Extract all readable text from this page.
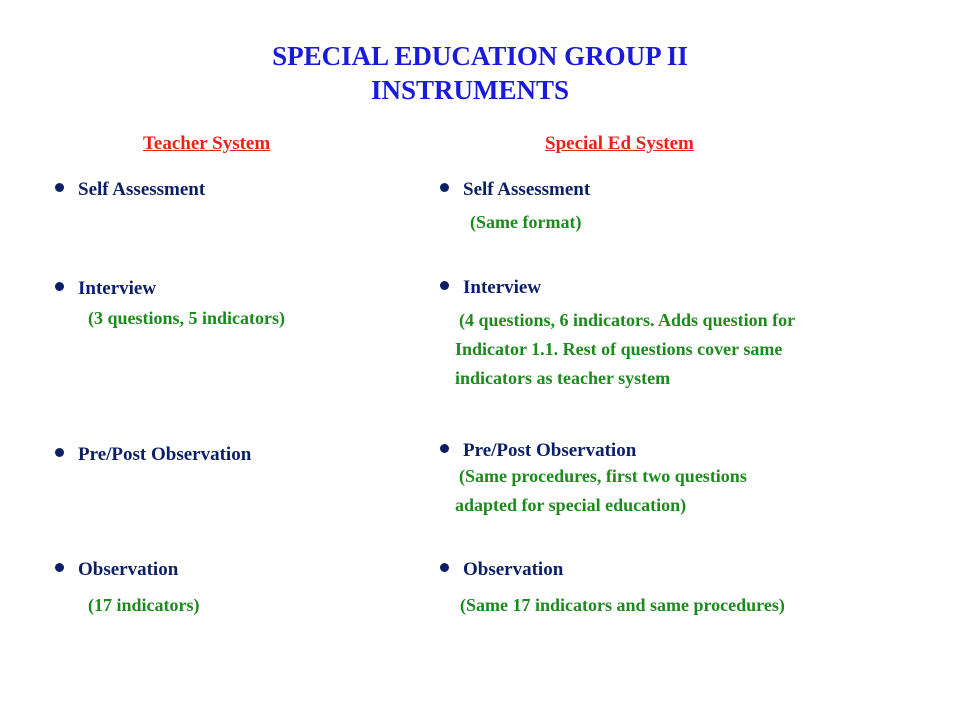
SPECIAL EDUCATION GROUP II
INSTRUMENTS
Teacher System	Special Ed System
Self Assessment
Interview
(3 questions, 5 indicators)
Pre/Post Observation
Observation
(17 indicators)
Self Assessment
(Same format)
Interview
(4 questions, 6 indicators. Adds question for
Indicator 1.1. Rest of questions cover same
indicators as teacher system
Pre/Post Observation
(Same procedures, first two questions
adapted for special education)
Observation
(Same 17 indicators and same procedures)
